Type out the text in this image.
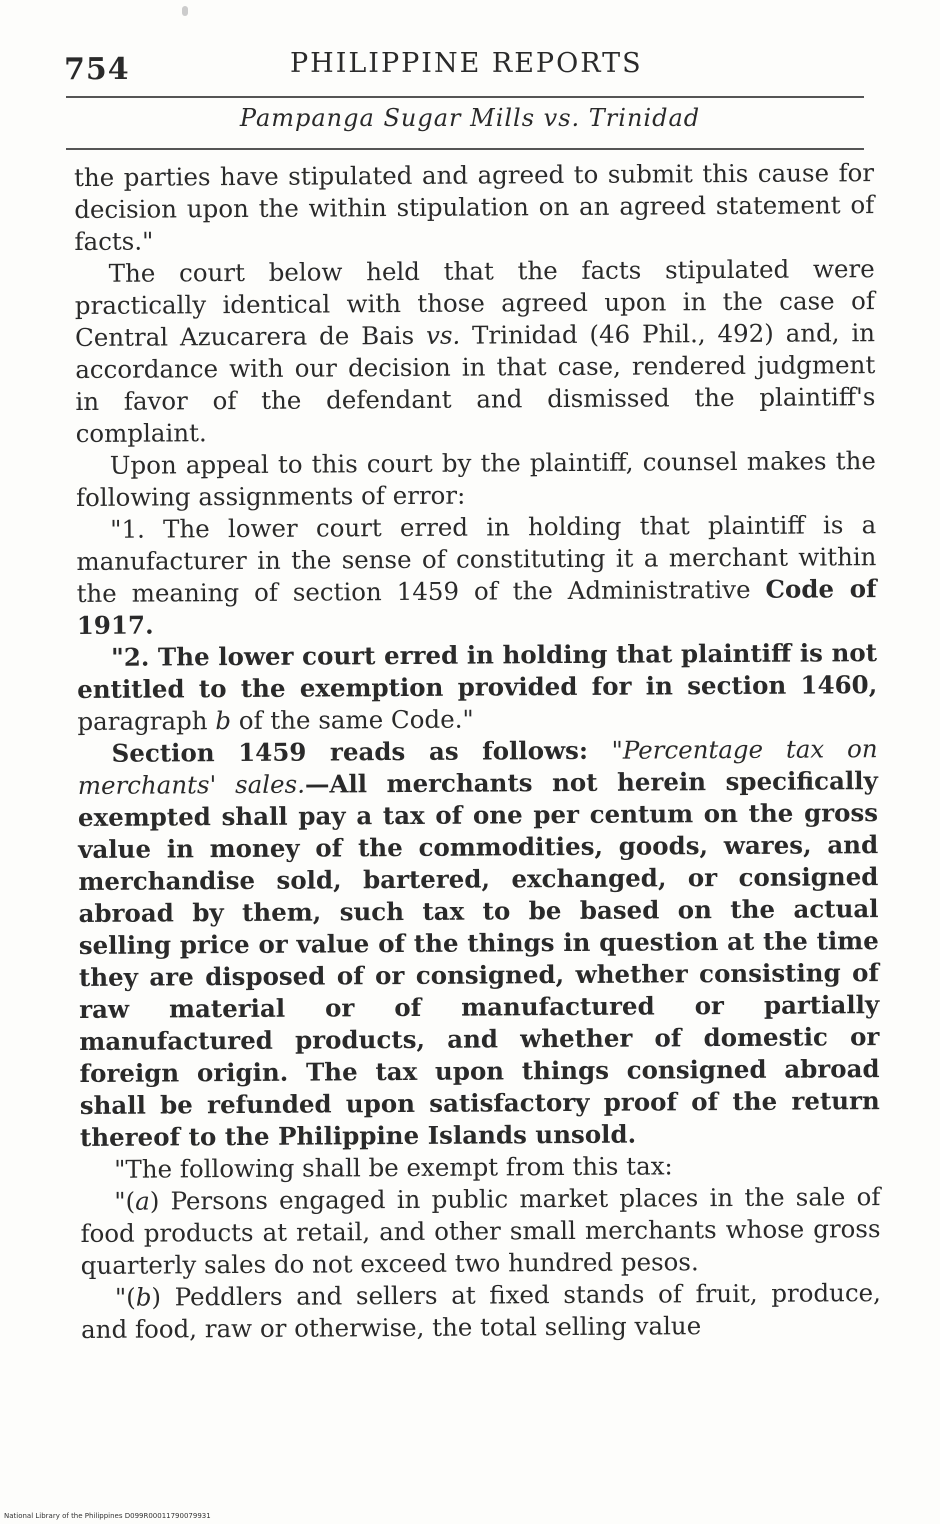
754	PHILIPPINE REPORTS
Pampanga Sugar Mills vs. Trinidad

the parties have stipulated and agreed to submit this cause for decision upon the within stipulation on an agreed statement of facts."

The court below held that the facts stipulated were practically identical with those agreed upon in the case of Central Azucarera de Bais vs. Trinidad (46 Phil., 492) and, in accordance with our decision in that case, rendered judgment in favor of the defendant and dismissed the plaintiff's complaint.

Upon appeal to this court by the plaintiff, counsel makes the following assignments of error:

"1. The lower court erred in holding that plaintiff is a manufacturer in the sense of constituting it a merchant within the meaning of section 1459 of the Administrative Code of 1917.

"2. The lower court erred in holding that plaintiff is not entitled to the exemption provided for in section 1460, paragraph b of the same Code."

Section 1459 reads as follows: "Percentage tax on merchants' sales.—All merchants not herein specifically exempted shall pay a tax of one per centum on the gross value in money of the commodities, goods, wares, and merchandise sold, bartered, exchanged, or consigned abroad by them, such tax to be based on the actual selling price or value of the things in question at the time they are disposed of or consigned, whether consisting of raw material or of manufactured or partially manufactured products, and whether of domestic or foreign origin. The tax upon things consigned abroad shall be refunded upon satisfactory proof of the return thereof to the Philippine Islands unsold.

"The following shall be exempt from this tax:

"(a) Persons engaged in public market places in the sale of food products at retail, and other small merchants whose gross quarterly sales do not exceed two hundred pesos.

"(b) Peddlers and sellers at fixed stands of fruit, produce, and food, raw or otherwise, the total selling value

National Library of the Philippines D099R00011790079931
